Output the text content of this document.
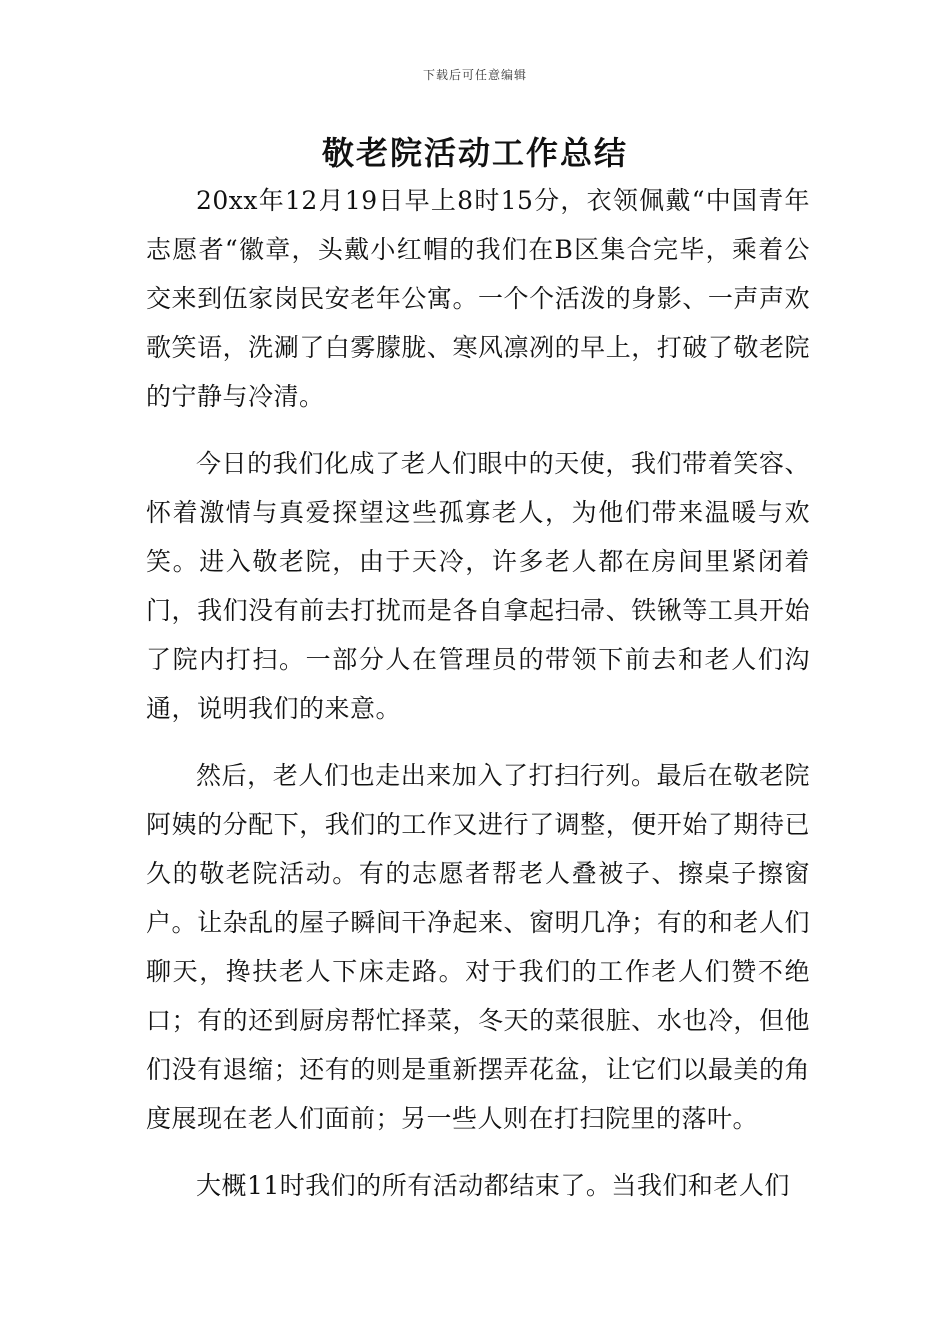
下载后可任意编辑
敬老院活动工作总结

20xx年12月19日早上8时15分，衣领佩戴“中国青年志愿者“徽章，头戴小红帽的我们在B区集合完毕，乘着公交来到伍家岗民安老年公寓。一个个活泼的身影、一声声欢歌笑语，洗涮了白雾朦胧、寒风凛冽的早上，打破了敬老院的宁静与冷清。

今日的我们化成了老人们眼中的天使，我们带着笑容、怀着激情与真爱探望这些孤寡老人，为他们带来温暖与欢笑。进入敬老院，由于天冷，许多老人都在房间里紧闭着门，我们没有前去打扰而是各自拿起扫帚、铁锹等工具开始了院内打扫。一部分人在管理员的带领下前去和老人们沟通，说明我们的来意。

然后，老人们也走出来加入了打扫行列。最后在敬老院阿姨的分配下，我们的工作又进行了调整，便开始了期待已久的敬老院活动。有的志愿者帮老人叠被子、擦桌子擦窗户。让杂乱的屋子瞬间干净起来、窗明几净；有的和老人们聊天，搀扶老人下床走路。对于我们的工作老人们赞不绝口；有的还到厨房帮忙择菜，冬天的菜很脏、水也冷，但他们没有退缩；还有的则是重新摆弄花盆，让它们以最美的角度展现在老人们面前；另一些人则在打扫院里的落叶。

大概11时我们的所有活动都结束了。当我们和老人们
